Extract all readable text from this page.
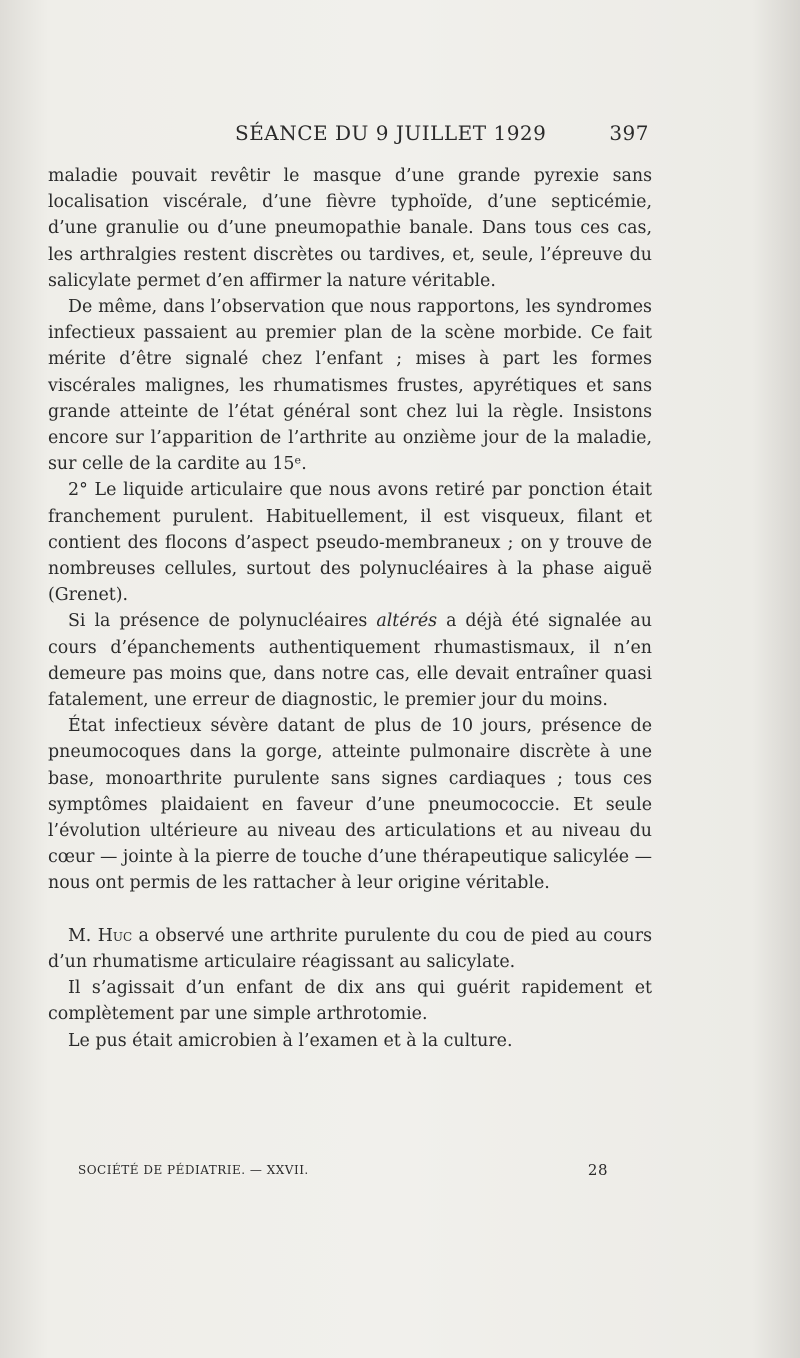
SÉANCE DU 9 JUILLET 1929	397

maladie pouvait revêtir le masque d’une grande pyrexie sans localisation viscérale, d’une fièvre typhoïde, d’une septicémie, d’une granulie ou d’une pneumopathie banale. Dans tous ces cas, les arthralgies restent discrètes ou tardives, et, seule, l’épreuve du salicylate permet d’en affirmer la nature véritable.

De même, dans l’observation que nous rapportons, les syndromes infectieux passaient au premier plan de la scène morbide. Ce fait mérite d’être signalé chez l’enfant ; mises à part les formes viscérales malignes, les rhumatismes frustes, apyrétiques et sans grande atteinte de l’état général sont chez lui la règle. Insistons encore sur l’apparition de l’arthrite au onzième jour de la maladie, sur celle de la cardite au 15ᵉ.

2° Le liquide articulaire que nous avons retiré par ponction était franchement purulent. Habituellement, il est visqueux, filant et contient des flocons d’aspect pseudo-membraneux ; on y trouve de nombreuses cellules, surtout des polynucléaires à la phase aiguë (Grenet).

Si la présence de polynucléaires altérés a déjà été signalée au cours d’épanchements authentiquement rhumastismaux, il n’en demeure pas moins que, dans notre cas, elle devait entraîner quasi fatalement, une erreur de diagnostic, le premier jour du moins.

État infectieux sévère datant de plus de 10 jours, présence de pneumocoques dans la gorge, atteinte pulmonaire discrète à une base, monoarthrite purulente sans signes cardiaques ; tous ces symptômes plaidaient en faveur d’une pneumococcie. Et seule l’évolution ultérieure au niveau des articulations et au niveau du cœur — jointe à la pierre de touche d’une thérapeutique salicylée — nous ont permis de les rattacher à leur origine véritable.

M. Huc a observé une arthrite purulente du cou de pied au cours d’un rhumatisme articulaire réagissant au salicylate.

Il s’agissait d’un enfant de dix ans qui guérit rapidement et complètement par une simple arthrotomie.

Le pus était amicrobien à l’examen et à la culture.

SOCIÉTÉ DE PÉDIATRIE. — XXVII.	28
